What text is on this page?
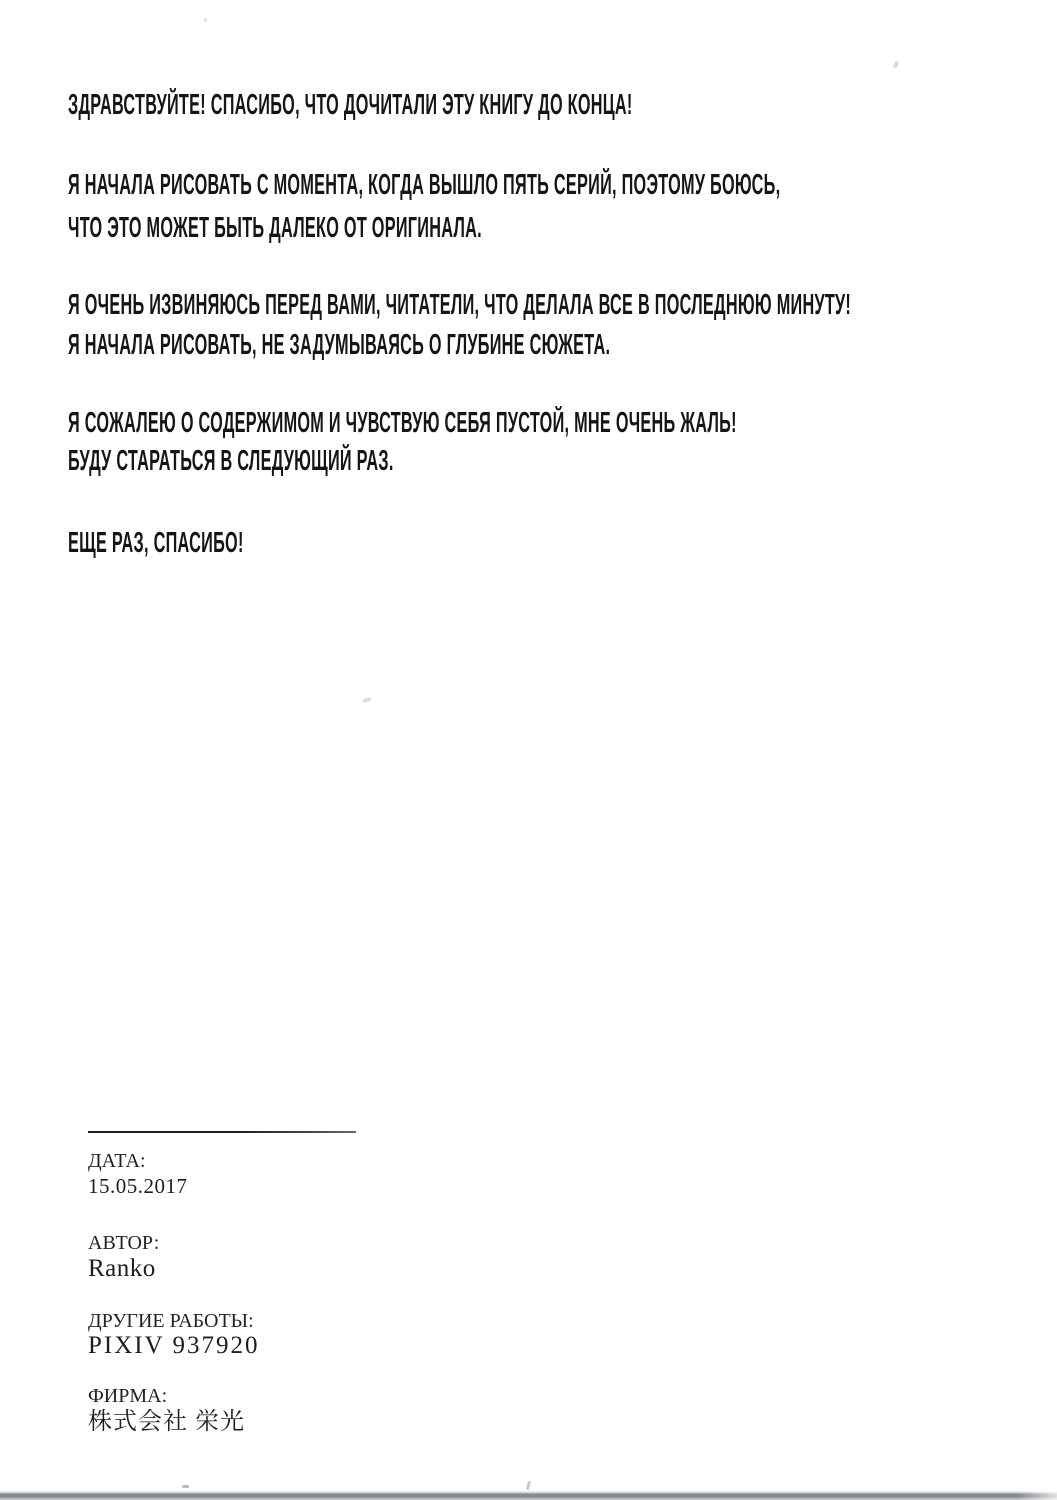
ЗДРАВСТВУЙТЕ! СПАСИБО, ЧТО ДОЧИТАЛИ ЭТУ КНИГУ ДО КОНЦА!
Я НАЧАЛА РИСОВАТЬ С МОМЕНТА, КОГДА ВЫШЛО ПЯТЬ СЕРИЙ, ПОЭТОМУ БОЮСЬ,
ЧТО ЭТО МОЖЕТ БЫТЬ ДАЛЕКО ОТ ОРИГИНАЛА.
Я ОЧЕНЬ ИЗВИНЯЮСЬ ПЕРЕД ВАМИ, ЧИТАТЕЛИ, ЧТО ДЕЛАЛА ВСЕ В ПОСЛЕДНЮЮ МИНУТУ!
Я НАЧАЛА РИСОВАТЬ, НЕ ЗАДУМЫВАЯСЬ О ГЛУБИНЕ СЮЖЕТА.
Я СОЖАЛЕЮ О СОДЕРЖИМОМ И ЧУВСТВУЮ СЕБЯ ПУСТОЙ, МНЕ ОЧЕНЬ ЖАЛЬ!
БУДУ СТАРАТЬСЯ В СЛЕДУЮЩИЙ РАЗ.
ЕЩЕ РАЗ, СПАСИБО!
ДАТА:
15.05.2017
АВТОР:
Ranko
ДРУГИЕ РАБОТЫ:
PIXIV 937920
ФИРМА:
株式会社 栄光
